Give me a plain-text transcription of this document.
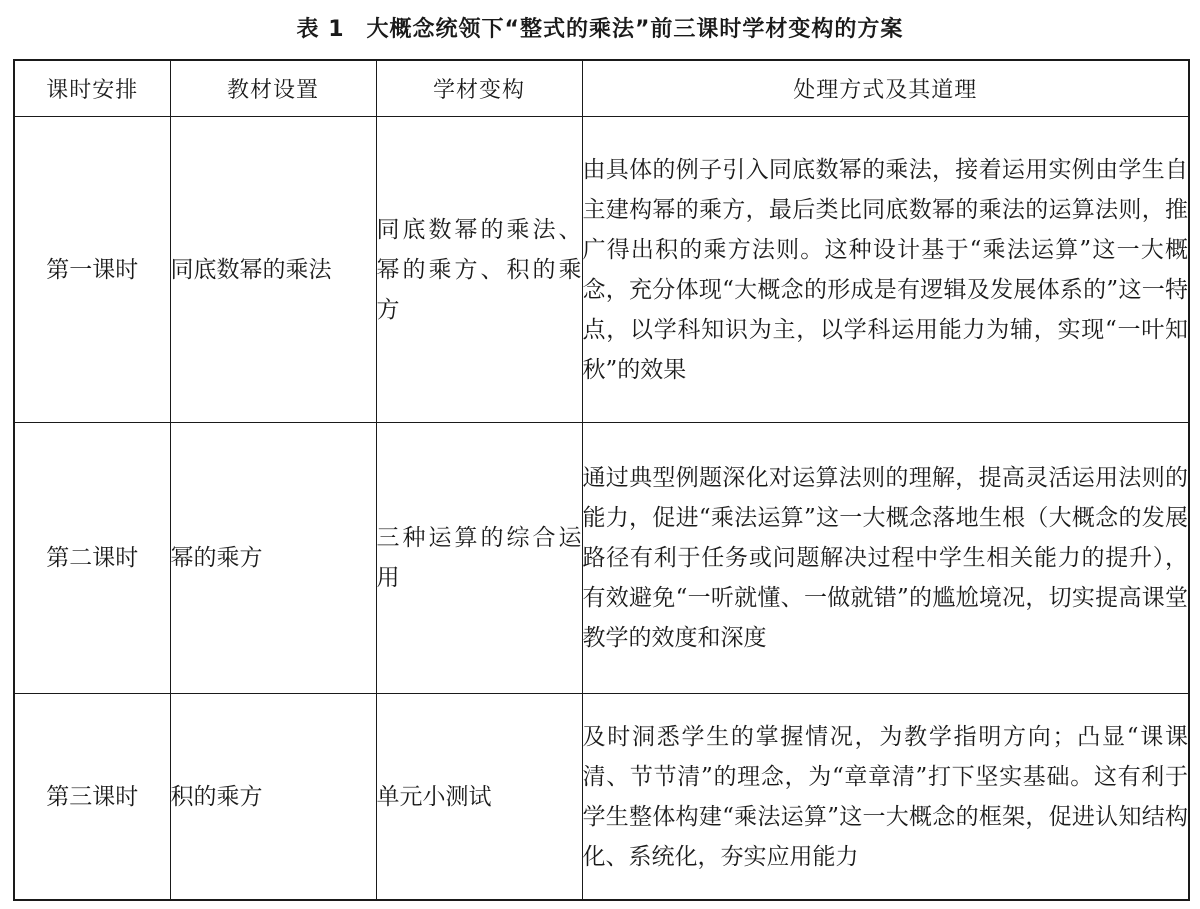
表 1 大概念统领下“整式的乘法”前三课时学材变构的方案
课时安排	教材设置	学材变构	处理方式及其道理
第一课时	同底数幂的乘法	同底数幂的乘法、幂的乘方、积的乘方	由具体的例子引入同底数幂的乘法，接着运用实例由学生自主建构幂的乘方，最后类比同底数幂的乘法的运算法则，推广得出积的乘方法则。这种设计基于“乘法运算”这一大概念，充分体现“大概念的形成是有逻辑及发展体系的”这一特点，以学科知识为主，以学科运用能力为辅，实现“一叶知秋”的效果
第二课时	幂的乘方	三种运算的综合运用	通过典型例题深化对运算法则的理解，提高灵活运用法则的能力，促进“乘法运算”这一大概念落地生根（大概念的发展路径有利于任务或问题解决过程中学生相关能力的提升），有效避免“一听就懂、一做就错”的尴尬境况，切实提高课堂教学的效度和深度
第三课时	积的乘方	单元小测试	及时洞悉学生的掌握情况，为教学指明方向；凸显“课课清、节节清”的理念，为“章章清”打下坚实基础。这有利于学生整体构建“乘法运算”这一大概念的框架，促进认知结构化、系统化，夯实应用能力
